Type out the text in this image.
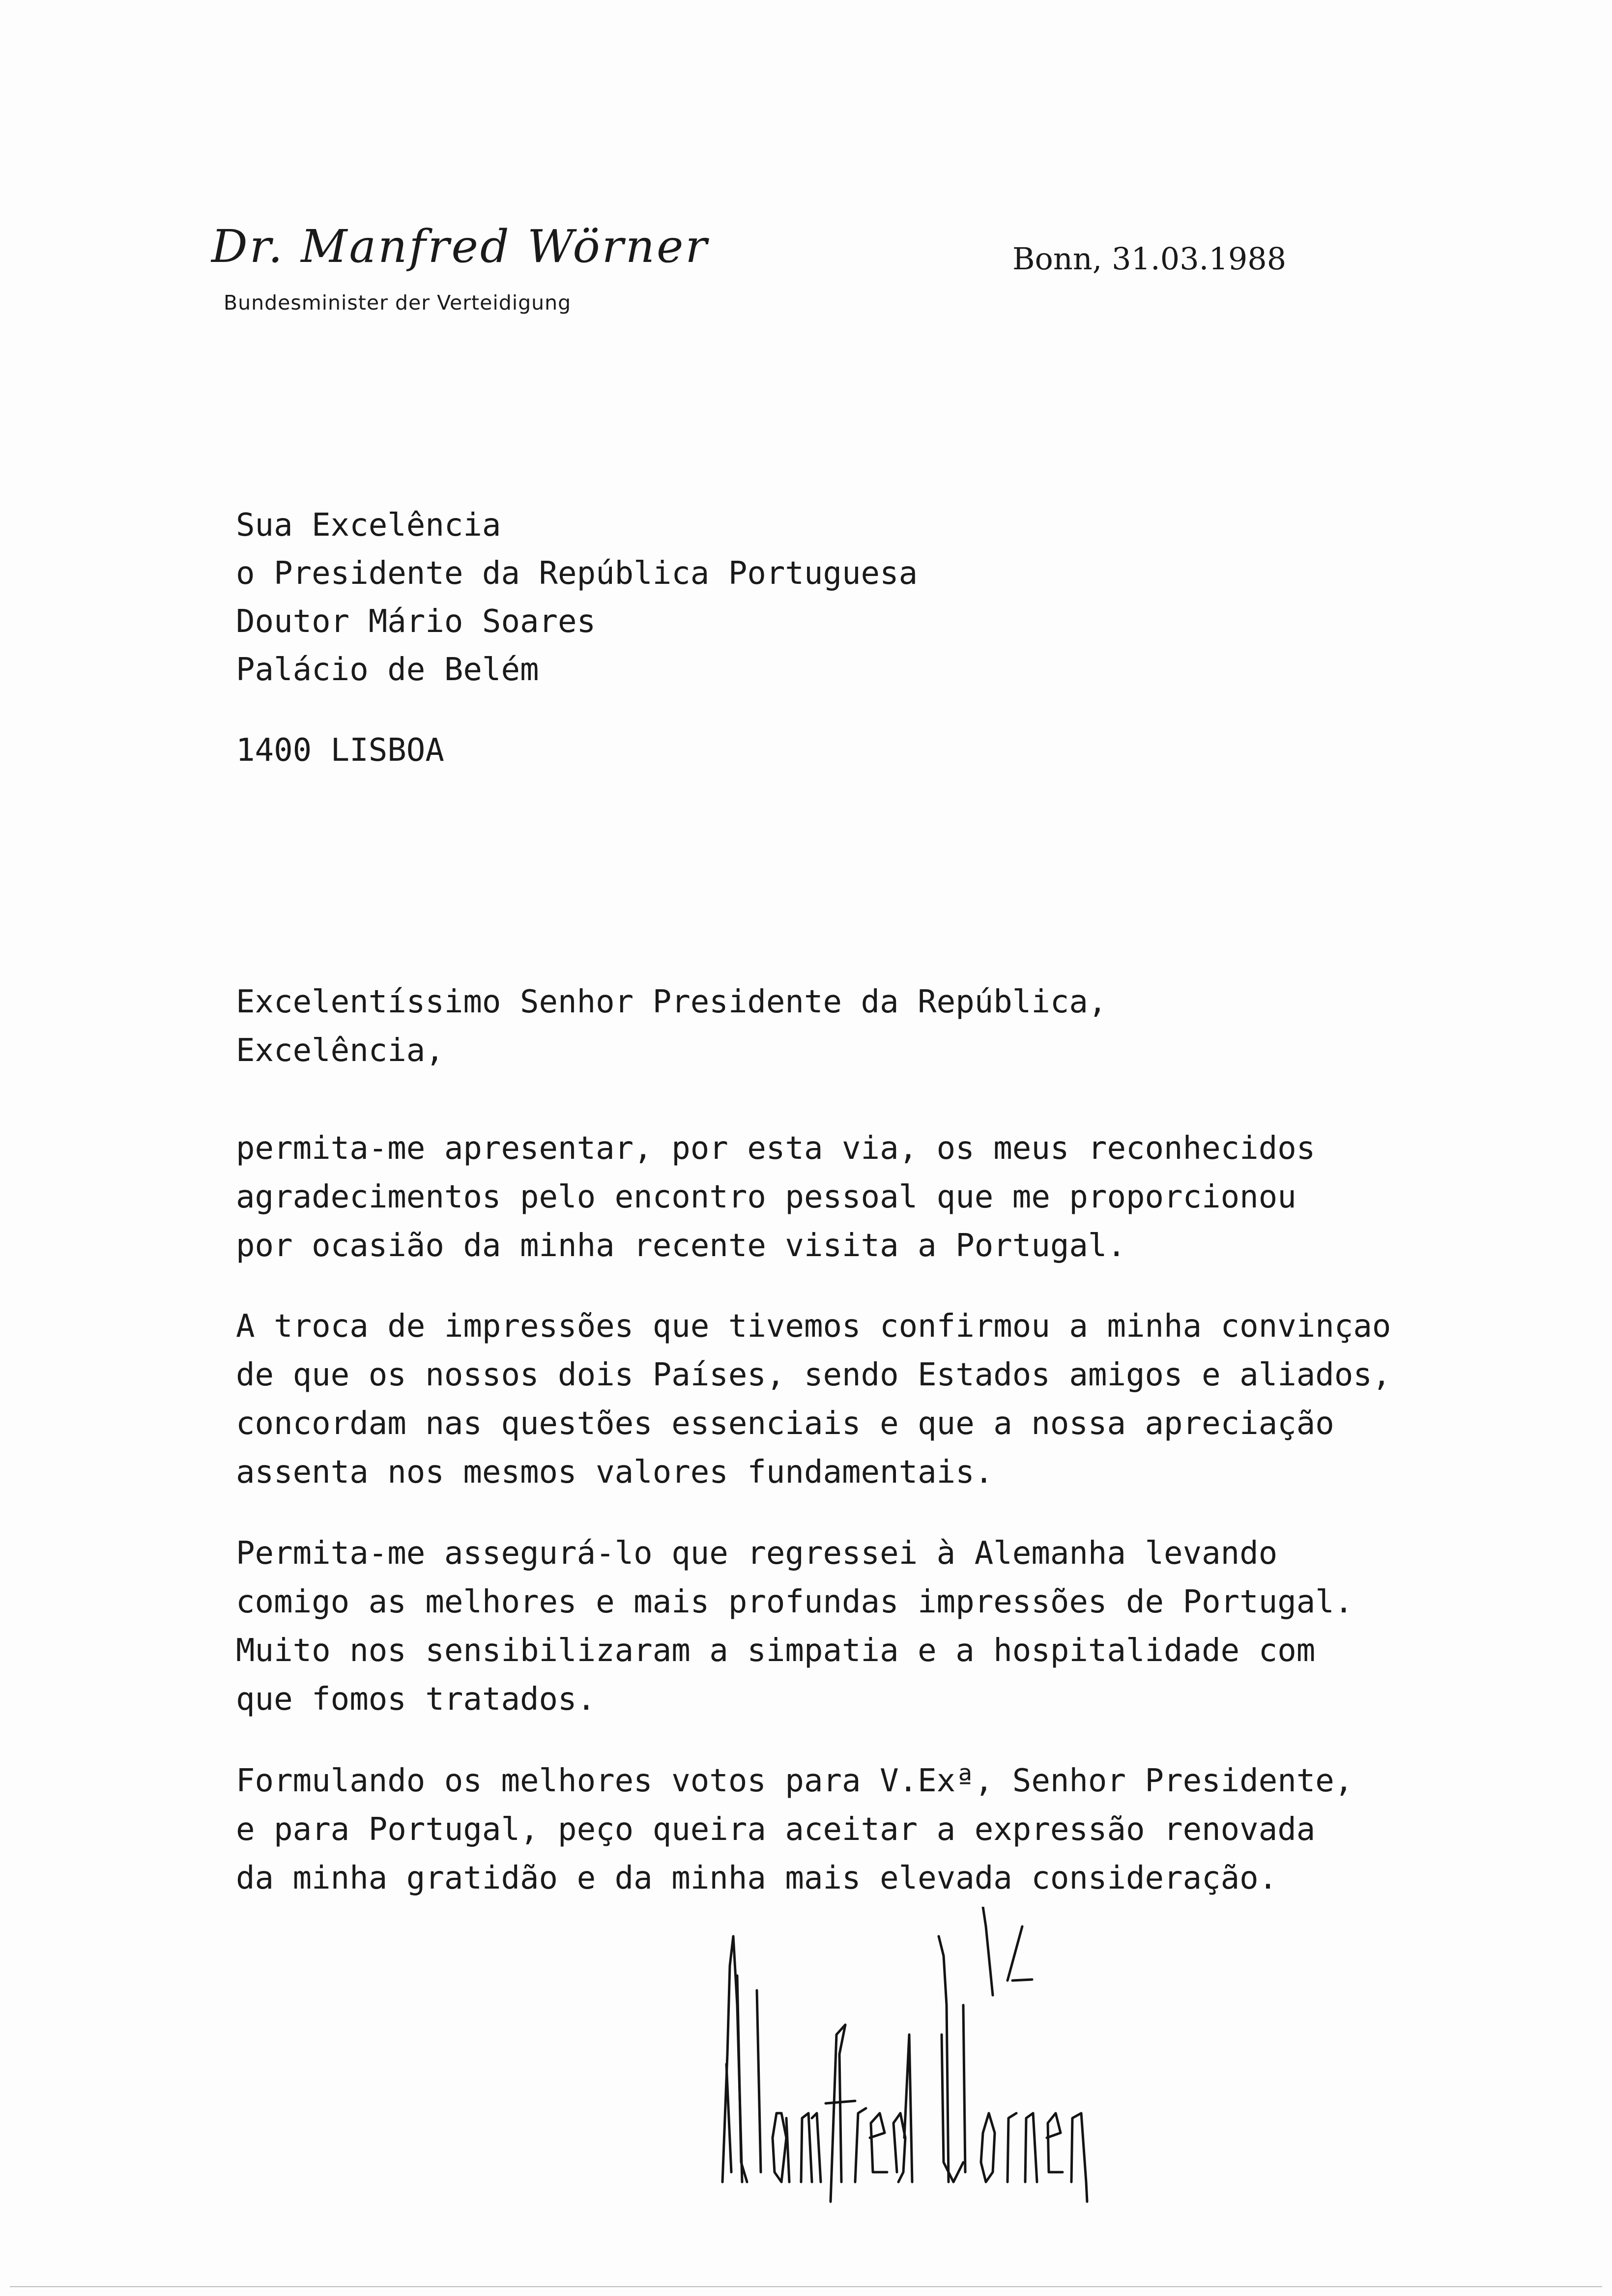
Dr. Manfred Wörner
Bundesminister der Verteidigung
Bonn, 31.03.1988
Sua Excelência
o Presidente da República Portuguesa
Doutor Mário Soares
Palácio de Belém
1400 LISBOA
Excelentíssimo Senhor Presidente da República,
Excelência,
permita-me apresentar, por esta via, os meus reconhecidos
agradecimentos pelo encontro pessoal que me proporcionou
por ocasião da minha recente visita a Portugal.
A troca de impressões que tivemos confirmou a minha convinçao
de que os nossos dois Países, sendo Estados amigos e aliados,
concordam nas questões essenciais e que a nossa apreciação
assenta nos mesmos valores fundamentais.
Permita-me assegurá-lo que regressei à Alemanha levando
comigo as melhores e mais profundas impressões de Portugal.
Muito nos sensibilizaram a simpatia e a hospitalidade com
que fomos tratados.
Formulando os melhores votos para V.Exª, Senhor Presidente,
e para Portugal, peço queira aceitar a expressão renovada
da minha gratidão e da minha mais elevada consideração.
